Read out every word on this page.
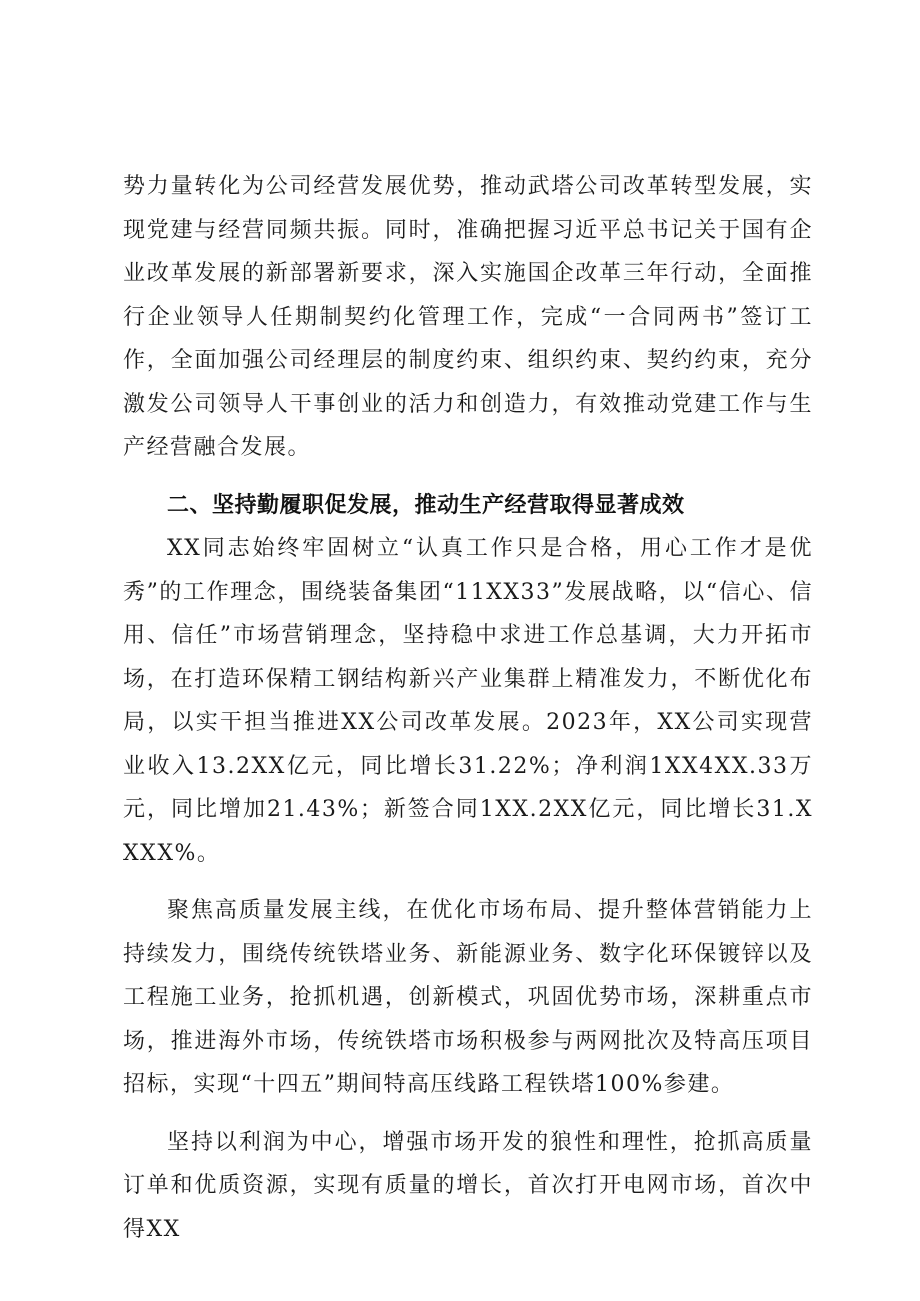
势力量转化为公司经营发展优势，推动武塔公司改革转型发展，实现党建与经营同频共振。同时，准确把握习近平总书记关于国有企业改革发展的新部署新要求，深入实施国企改革三年行动，全面推行企业领导人任期制契约化管理工作，完成“一合同两书”签订工作，全面加强公司经理层的制度约束、组织约束、契约约束，充分激发公司领导人干事创业的活力和创造力，有效推动党建工作与生产经营融合发展。

二、坚持勤履职促发展，推动生产经营取得显著成效

XX同志始终牢固树立“认真工作只是合格，用心工作才是优秀”的工作理念，围绕装备集团“11XX33”发展战略，以“信心、信用、信任”市场营销理念，坚持稳中求进工作总基调，大力开拓市场，在打造环保精工钢结构新兴产业集群上精准发力，不断优化布局，以实干担当推进XX公司改革发展。2023年，XX公司实现营业收入13.2XX亿元，同比增长31.22%；净利润1XX4XX.33万元，同比增加21.43%；新签合同1XX.2XX亿元，同比增长31.XXXX%。

聚焦高质量发展主线，在优化市场布局、提升整体营销能力上持续发力，围绕传统铁塔业务、新能源业务、数字化环保镀锌以及工程施工业务，抢抓机遇，创新模式，巩固优势市场，深耕重点市场，推进海外市场，传统铁塔市场积极参与两网批次及特高压项目招标，实现“十四五”期间特高压线路工程铁塔100%参建。

坚持以利润为中心，增强市场开发的狼性和理性，抢抓高质量订单和优质资源，实现有质量的增长，首次打开电网市场，首次中得XX
